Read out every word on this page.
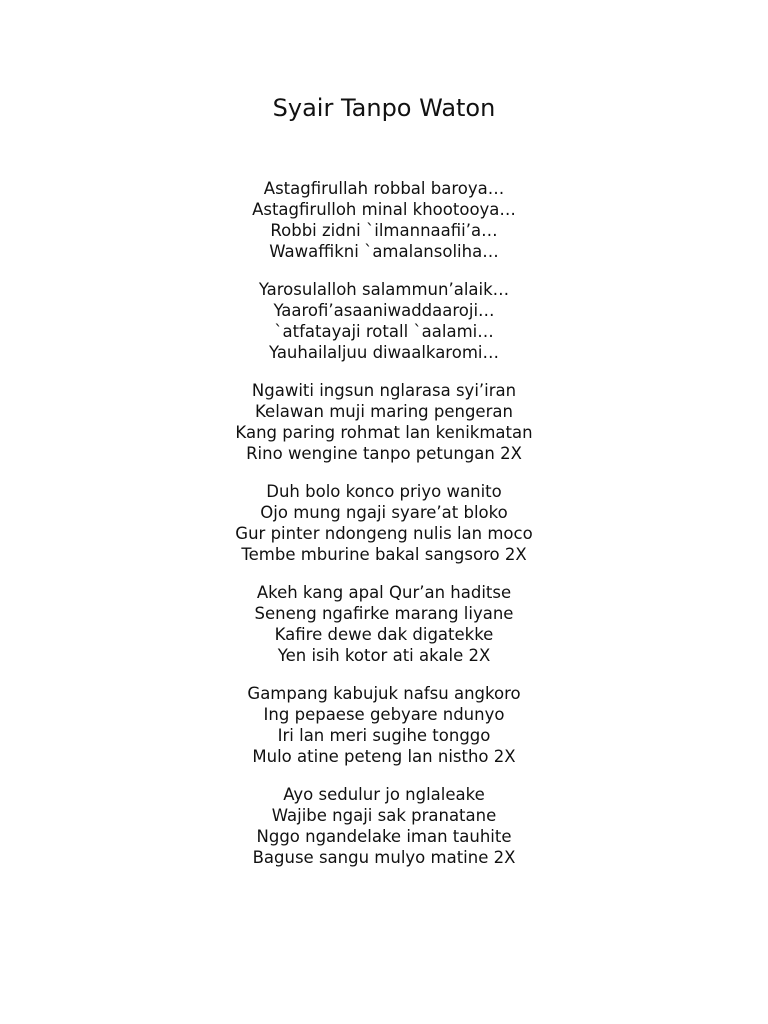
Syair Tanpo Waton
Astagfirullah robbal baroya…
Astagfirulloh minal khootooya…
Robbi zidni `ilmannaafii’a…
Wawaffikni `amalansoliha…
Yarosulalloh salammun’alaik…
Yaarofi’asaaniwaddaaroji…
`atfatayaji rotall `aalami…
Yauhailaljuu diwaalkaromi…
Ngawiti ingsun nglarasa syi’iran
Kelawan muji maring pengeran
Kang paring rohmat lan kenikmatan
Rino wengine tanpo petungan 2X
Duh bolo konco priyo wanito
Ojo mung ngaji syare’at bloko
Gur pinter ndongeng nulis lan moco
Tembe mburine bakal sangsoro 2X
Akeh kang apal Qur’an haditse
Seneng ngafirke marang liyane
Kafire dewe dak digatekke
Yen isih kotor ati akale 2X
Gampang kabujuk nafsu angkoro
Ing pepaese gebyare ndunyo
Iri lan meri sugihe tonggo
Mulo atine peteng lan nistho 2X
Ayo sedulur jo nglaleake
Wajibe ngaji sak pranatane
Nggo ngandelake iman tauhite
Baguse sangu mulyo matine 2X
